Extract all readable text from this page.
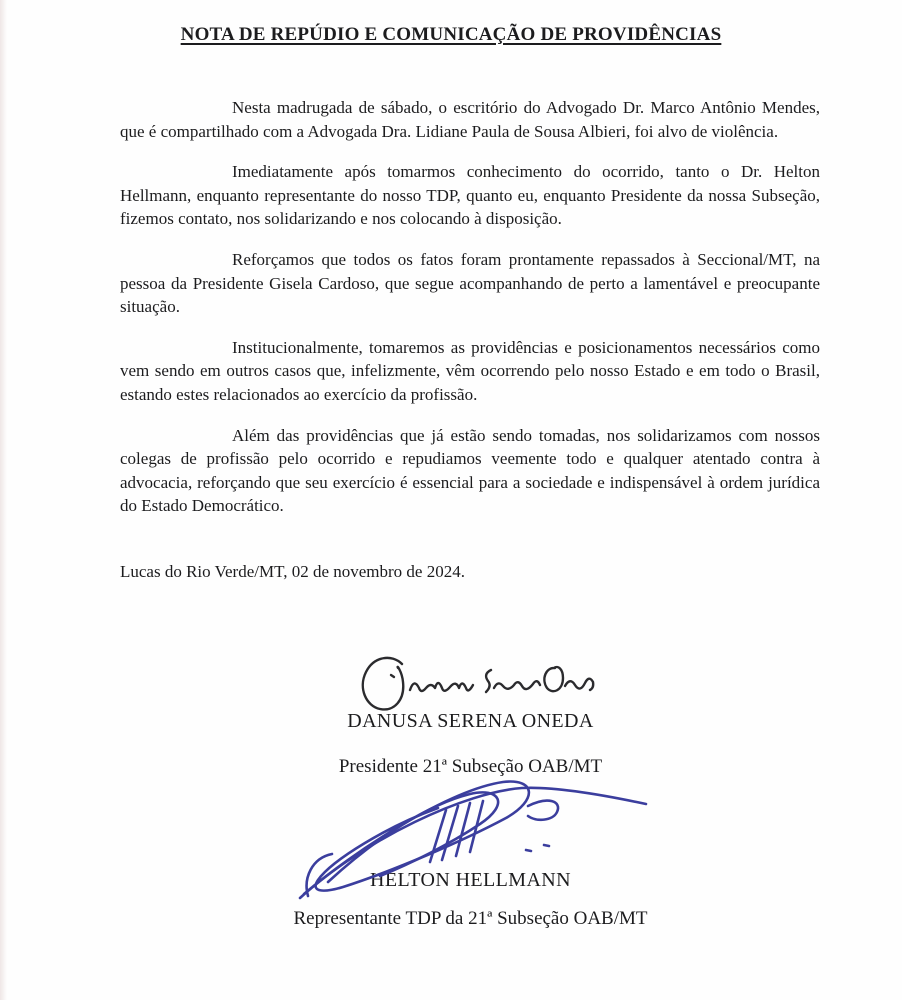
NOTA DE REPÚDIO E COMUNICAÇÃO DE PROVIDÊNCIAS

Nesta madrugada de sábado, o escritório do Advogado Dr. Marco Antônio Mendes, que é compartilhado com a Advogada Dra. Lidiane Paula de Sousa Albieri, foi alvo de violência.

Imediatamente após tomarmos conhecimento do ocorrido, tanto o Dr. Helton Hellmann, enquanto representante do nosso TDP, quanto eu, enquanto Presidente da nossa Subseção, fizemos contato, nos solidarizando e nos colocando à disposição.

Reforçamos que todos os fatos foram prontamente repassados à Seccional/MT, na pessoa da Presidente Gisela Cardoso, que segue acompanhando de perto a lamentável e preocupante situação.

Institucionalmente, tomaremos as providências e posicionamentos necessários como vem sendo em outros casos que, infelizmente, vêm ocorrendo pelo nosso Estado e em todo o Brasil, estando estes relacionados ao exercício da profissão.

Além das providências que já estão sendo tomadas, nos solidarizamos com nossos colegas de profissão pelo ocorrido e repudiamos veemente todo e qualquer atentado contra à advocacia, reforçando que seu exercício é essencial para a sociedade e indispensável à ordem jurídica do Estado Democrático.

Lucas do Rio Verde/MT, 02 de novembro de 2024.

DANUSA SERENA ONEDA

Presidente 21ª Subseção OAB/MT

HELTON HELLMANN

Representante TDP da 21ª Subseção OAB/MT
